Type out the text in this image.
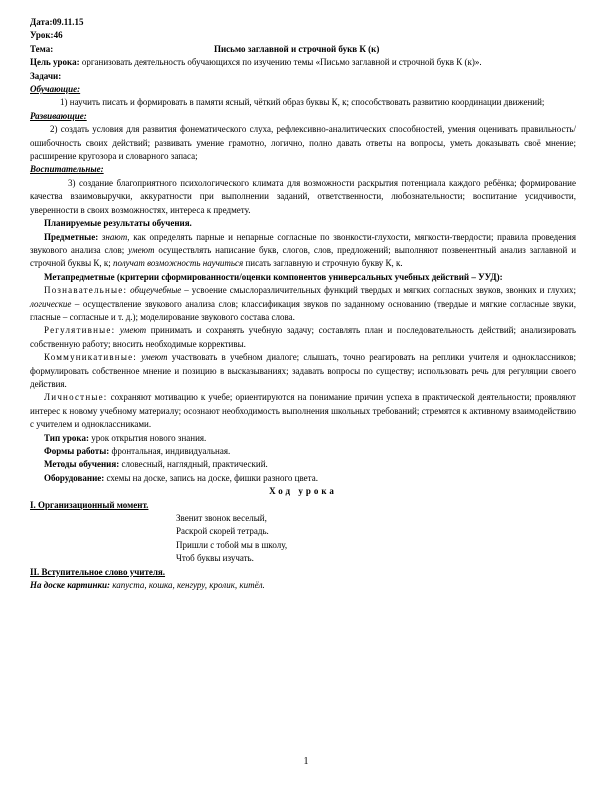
Дата:09.11.15
Урок:46
Тема:	Письмо заглавной и строчной букв К (к)
Цель урока: организовать деятельность обучающихся по изучению темы «Письмо заглавной и строчной букв К (к)».
Задачи:
Обучающие:
1) научить писать и формировать в памяти ясный, чёткий образ буквы К, к; способствовать развитию координации движений;
Развивающие:
2) создать условия для развития фонематического слуха, рефлексивно-аналитических способностей, умения оценивать правильность/ошибочность своих действий; развивать умение грамотно, логично, полно давать ответы на вопросы, уметь доказывать своё мнение; расширение кругозора и словарного запаса;
Воспитательные:
3) создание благоприятного психологического климата для возможности раскрытия потенциала каждого ребёнка; формирование качества взаимовыручки, аккуратности при выполнении заданий, ответственности, любознательности; воспитание усидчивости, уверенности в своих возможностях, интереса к предмету.
Планируемые результаты обучения.
Предметные: знают, как определять парные и непарные согласные по звонкости-глухости, мягкости-твердости; правила проведения звукового анализа слов; умеют осуществлять написание букв, слогов, слов, предложений; выполняют позвенентный анализ заглавной и строчной буквы К, к; получат возможность научиться писать заглавную и строчную букву К, к.
Метапредметные (критерии сформированности/оценки компонентов универсальных учебных действий – УУД):
Познавательные: общеучебные – усвоение смыслоразличительных функций твердых и мягких согласных звуков, звонких и глухих; логические – осуществление звукового анализа слов; классификация звуков по заданному основанию (твердые и мягкие согласные звуки, гласные – согласные и т. д.); моделирование звукового состава слова.
Регулятивные: умеют принимать и сохранять учебную задачу; составлять план и последовательность действий; анализировать собственную работу; вносить необходимые коррективы.
Коммуникативные: умеют участвовать в учебном диалоге; слышать, точно реагировать на реплики учителя и одноклассников; формулировать собственное мнение и позицию в высказываниях; задавать вопросы по существу; использовать речь для регуляции своего действия.
Личностные: сохраняют мотивацию к учебе; ориентируются на понимание причин успеха в практической деятельности; проявляют интерес к новому учебному материалу; осознают необходимость выполнения школьных требований; стремятся к активному взаимодействию с учителем и одноклассниками.
Тип урока: урок открытия нового знания.
Формы работы: фронтальная, индивидуальная.
Методы обучения: словесный, наглядный, практический.
Оборудование: схемы на доске, запись на доске, фишки разного цвета.
Ход урока
I. Организационный момент.
Звенит звонок веселый,
Раскрой скорей тетрадь.
Пришли с тобой мы в школу,
Чтоб буквы изучать.
II. Вступительное слово учителя.
На доске картинки: капуста, кошка, кенгуру, кролик, китёл.
1
